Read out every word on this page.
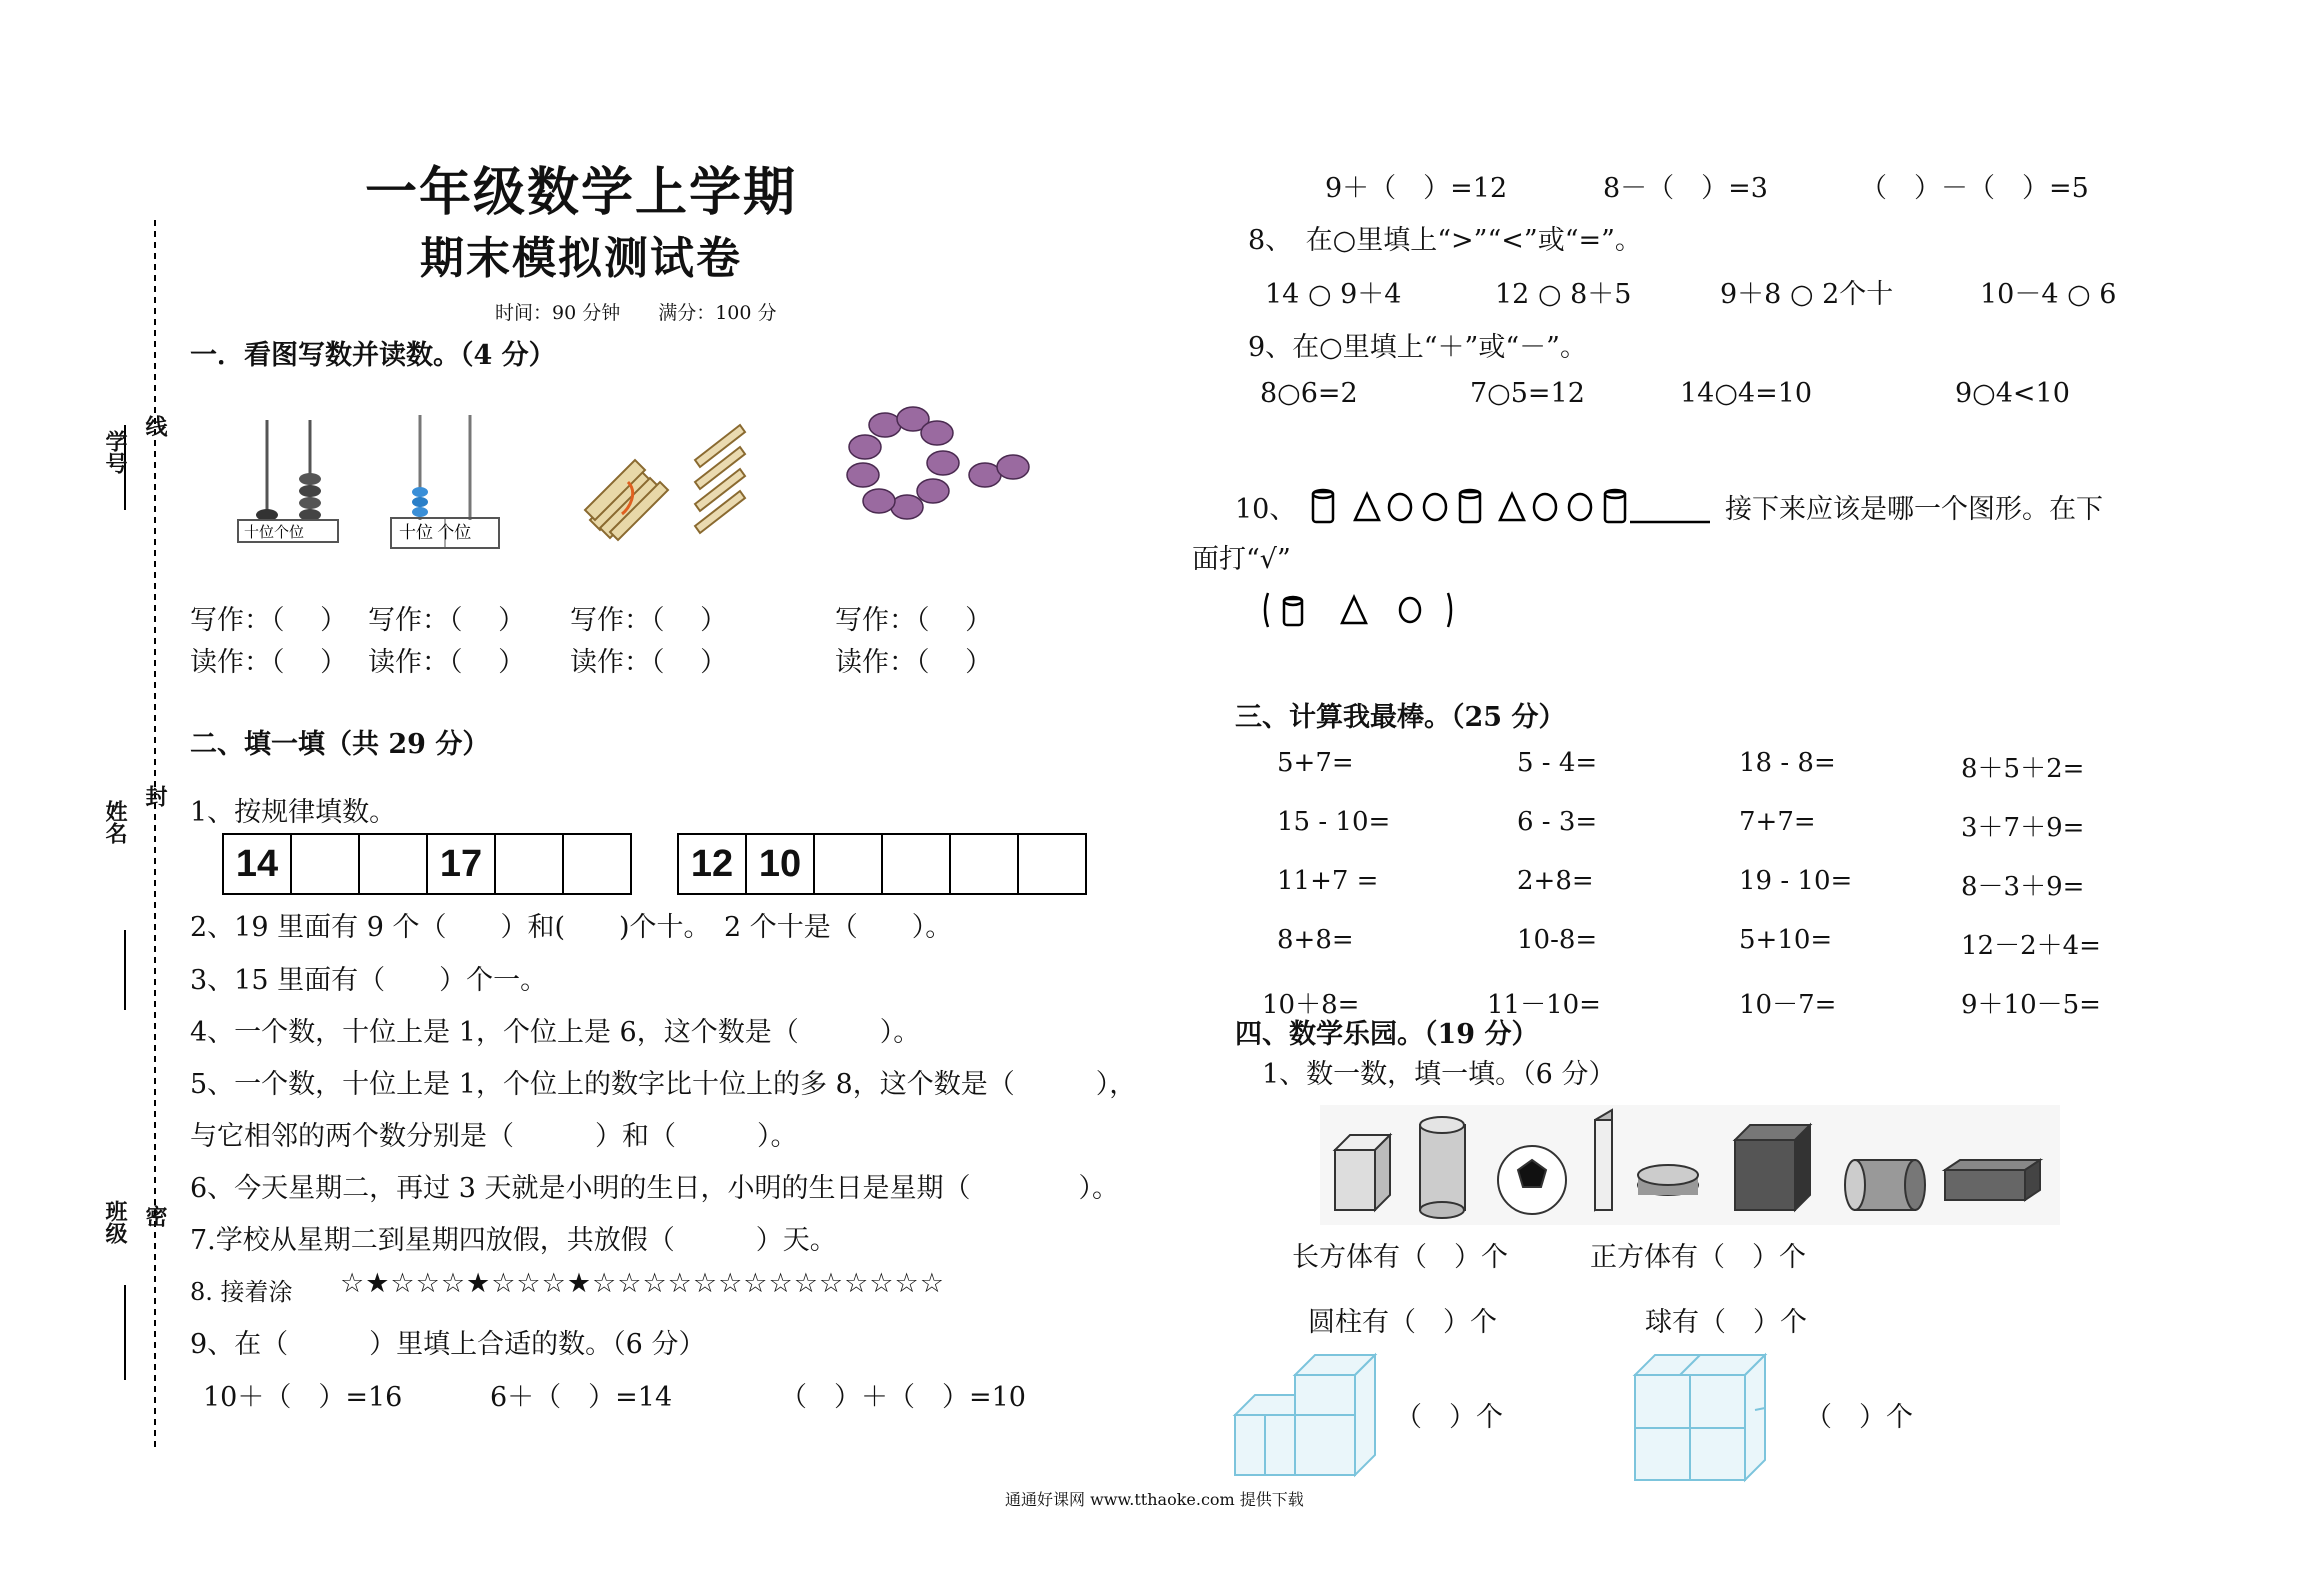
学号
线
姓名
封
班级 密
一年级数学上学期
期末模拟测试卷
时间：90 分钟　　满分：100 分
一．看图写数并读数。（4 分）
十位个位	十位 个位
写作：（　 ） 写作：（　 ） 写作：（　 ）	写作：（　 ）
读作：（　 ） 读作：（　 ） 读作：（　 ）	读作：（　 ）
二、填一填（共 29 分）
1、按规律填数。
14	17	12 10
2、19 里面有 9 个（　　）和(　　)个十。　2 个十是（　　）。
3、15 里面有（　　）个一。
4、一个数，十位上是 1，个位上是 6，这个数是（　　　）。
5、一个数，十位上是 1，个位上的数字比十位上的多 8，这个数是（　　　），
与它相邻的两个数分别是（　　　）和（　　　）。
6、今天星期二，再过 3 天就是小明的生日，小明的生日是星期（　　　　）。
7.学校从星期二到星期四放假，共放假（　　　）天。
8. 接着涂 ☆★☆☆☆★☆☆☆★☆☆☆☆☆☆☆☆☆☆☆☆☆☆
9、在（　　　）里填上合适的数。（6 分）
10＋（　）=16	6＋（　）=14	（　）＋（　）=10
9＋（　）=12	8－（　）=3	（　）－（　）=5
8、　在○里填上“>”“<”或“=”。
14 ○ 9＋4	12 ○ 8＋5	9＋8 ○ 2个十	10－4 ○ 6
9、在○里填上“＋”或“－”。
8○6=2	7○5=12	14○4=10	9○4<10
10、	接下来应该是哪一个图形。在下
面打“√”
三、计算我最棒。（25 分）
5+7=	5 - 4=	18 - 8=	8＋5＋2=
15 - 10=	6 - 3=	7+7=	3＋7＋9=
11+7 =	2+8=	19 - 10=	8－3＋9=
8+8=	10-8=	5+10=	12－2＋4=
10＋8=	11－10=	10－7=	9＋10－5=
四、数学乐园。（19 分）
1、数一数，填一填。（6 分）
长方体有（　）个	正方体有（　）个
圆柱有（　）个	球有（　）个
（　）个	（　）个
通通好课网 www.tthaoke.com 提供下载
